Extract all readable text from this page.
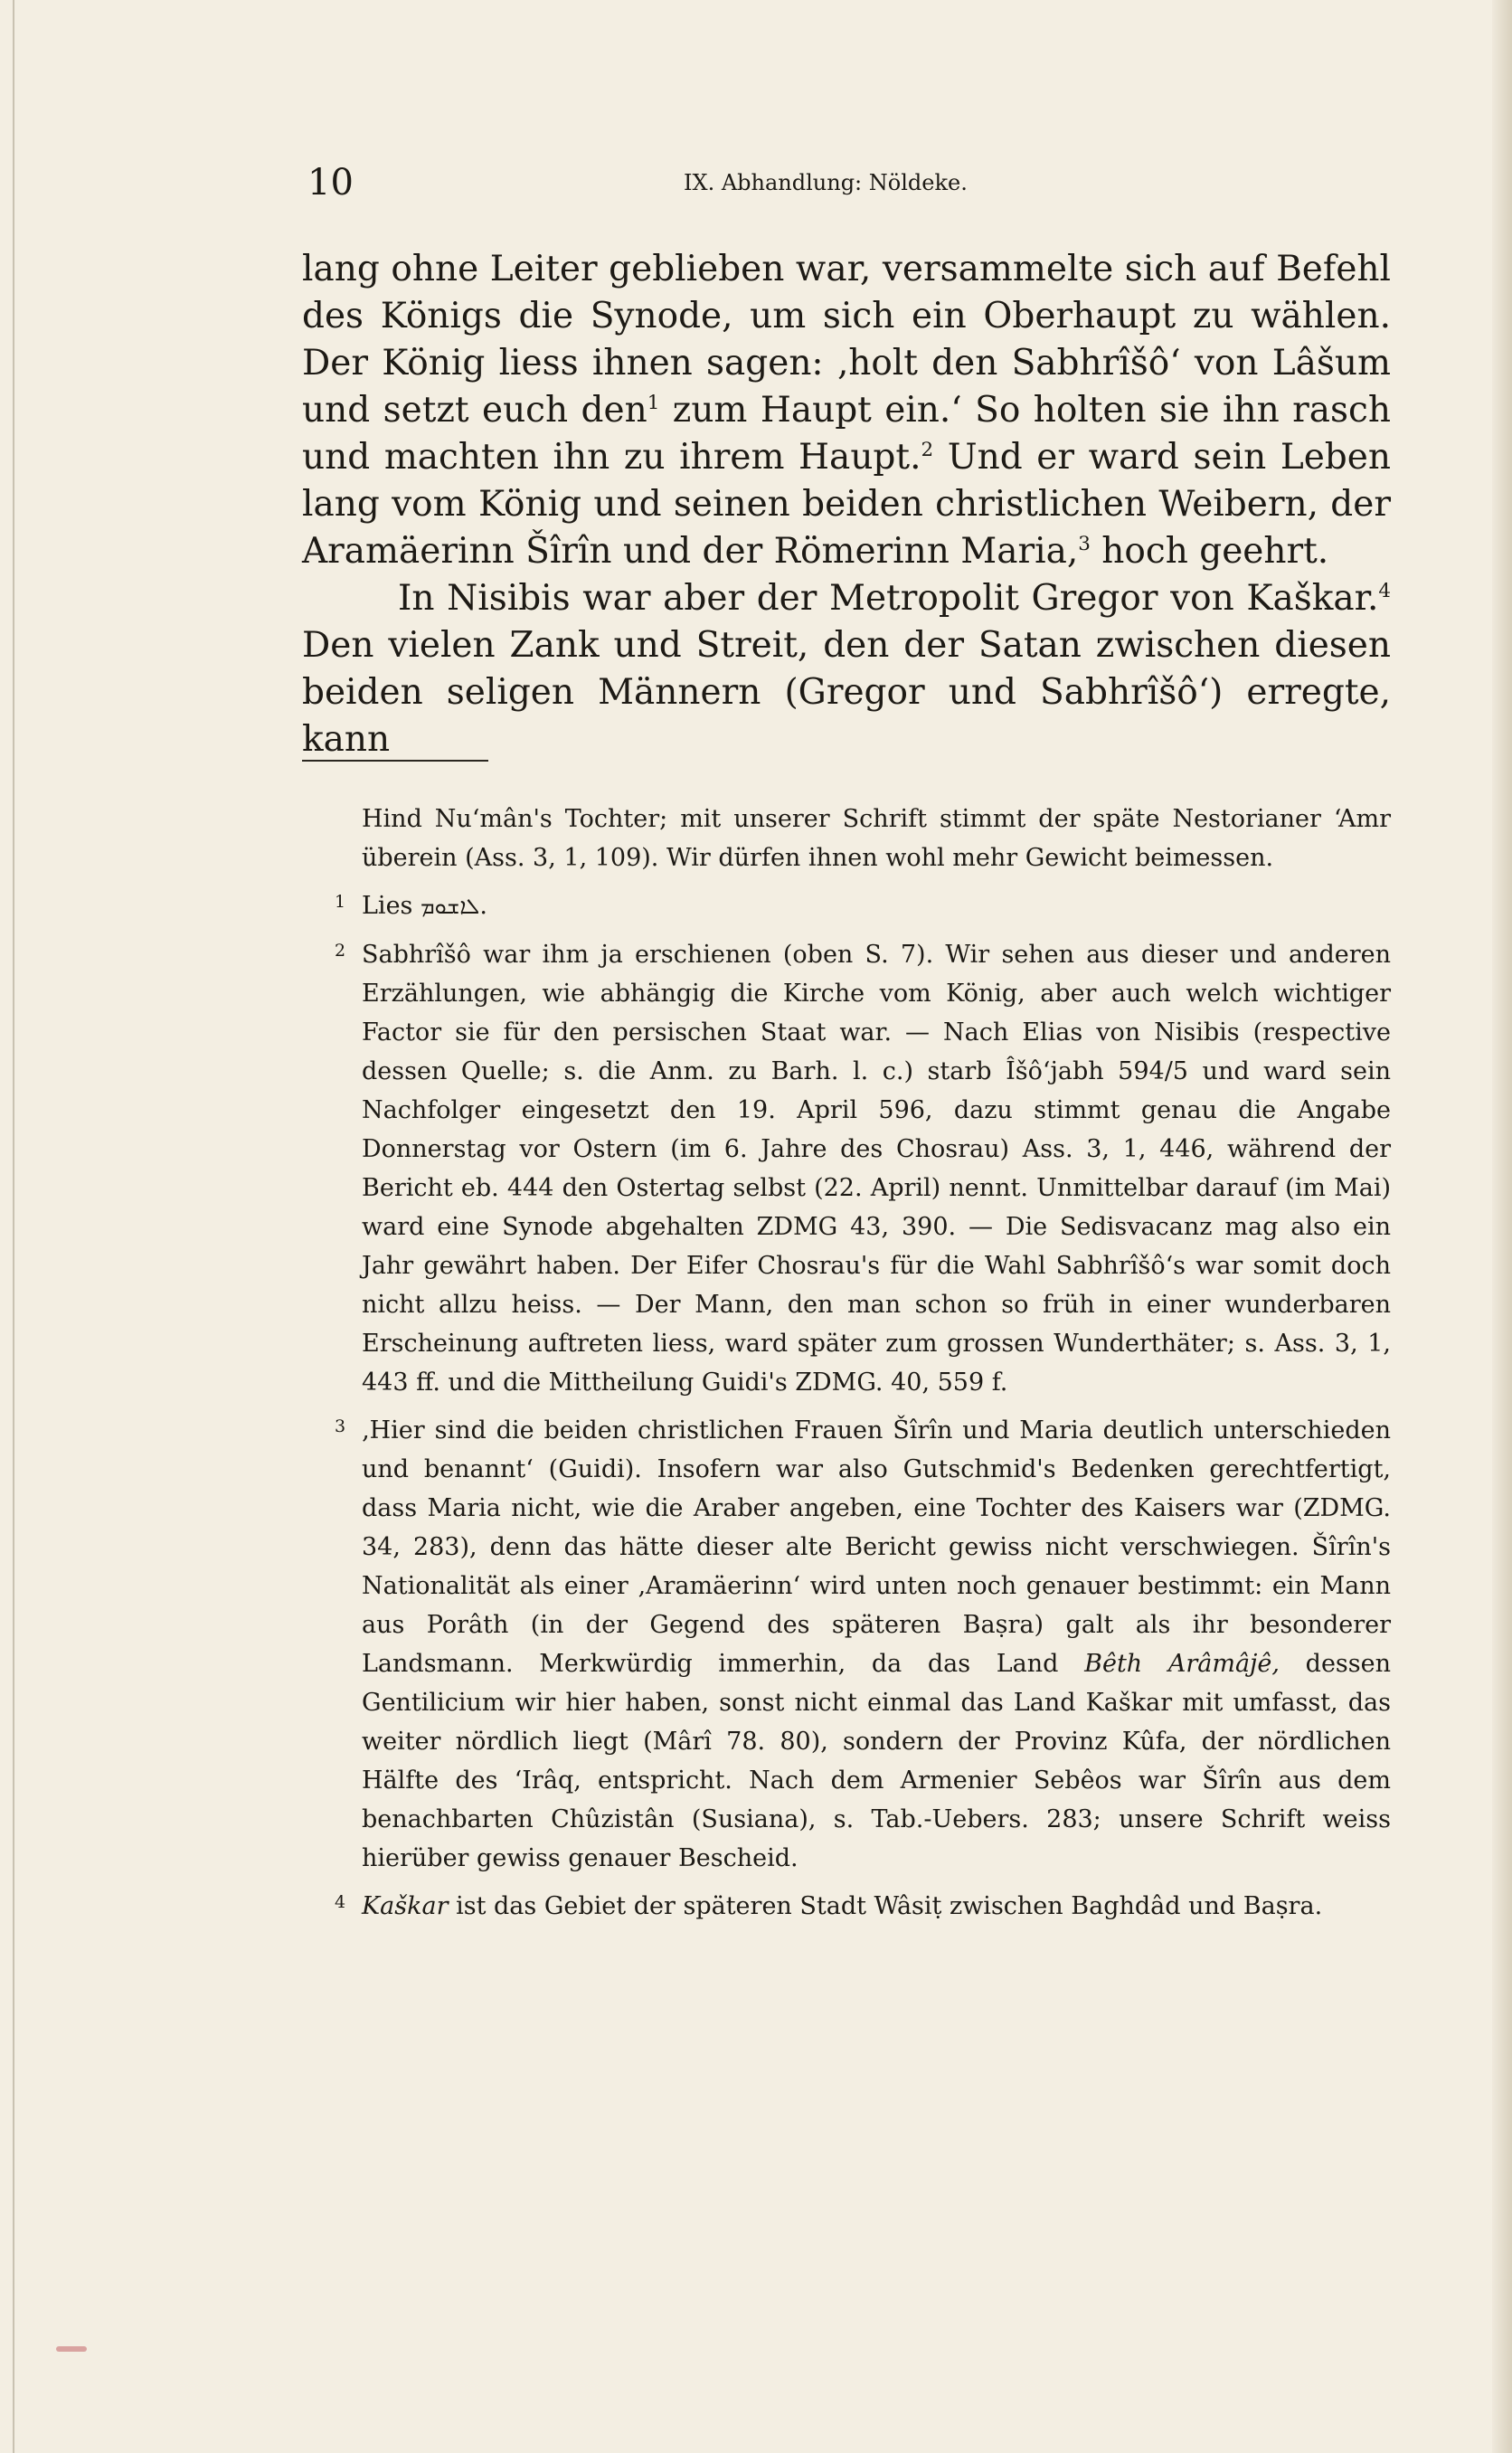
10	IX. Abhandlung: Nöldeke.

lang ohne Leiter geblieben war, versammelte sich auf Befehl des Königs die Synode, um sich ein Oberhaupt zu wählen. Der König liess ihnen sagen: ‚holt den Sabhrîšô‘ von Lâšum und setzt euch den$^1$ zum Haupt ein.‘ So holten sie ihn rasch und machten ihn zu ihrem Haupt.$^2$ Und er ward sein Leben lang vom König und seinen beiden christlichen Weibern, der Aramäerinn Šîrîn und der Römerinn Maria,$^3$ hoch geehrt.

In Nisibis war aber der Metropolit Gregor von Kaškar.$^4$ Den vielen Zank und Streit, den der Satan zwischen diesen beiden seligen Männern (Gregor und Sabhrîšô‘) erregte, kann

Hind Nu‘mân's Tochter; mit unserer Schrift stimmt der späte Nestorianer ‘Amr überein (Ass. 3, 1, 109). Wir dürfen ihnen wohl mehr Gewicht beimessen.
1 Lies ܠܐܫܘܡ.
2 Sabhrîšô war ihm ja erschienen (oben S. 7). Wir sehen aus dieser und anderen Erzählungen, wie abhängig die Kirche vom König, aber auch welch wichtiger Factor sie für den persischen Staat war. — Nach Elias von Nisibis (respective dessen Quelle; s. die Anm. zu Barh. l. c.) starb Îšô‘jabh 594/5 und ward sein Nachfolger eingesetzt den 19. April 596, dazu stimmt genau die Angabe Donnerstag vor Ostern (im 6. Jahre des Chosrau) Ass. 3, 1, 446, während der Bericht eb. 444 den Ostertag selbst (22. April) nennt. Unmittelbar darauf (im Mai) ward eine Synode abgehalten ZDMG 43, 390. — Die Sedisvacanz mag also ein Jahr gewährt haben. Der Eifer Chosrau's für die Wahl Sabhrîšô‘s war somit doch nicht allzu heiss. — Der Mann, den man schon so früh in einer wunderbaren Erscheinung auftreten liess, ward später zum grossen Wunderthäter; s. Ass. 3, 1, 443 ff. und die Mittheilung Guidi's ZDMG. 40, 559 f.
3 ‚Hier sind die beiden christlichen Frauen Šîrîn und Maria deutlich unterschieden und benannt‘ (Guidi). Insofern war also Gutschmid's Bedenken gerechtfertigt, dass Maria nicht, wie die Araber angeben, eine Tochter des Kaisers war (ZDMG. 34, 283), denn das hätte dieser alte Bericht gewiss nicht verschwiegen. Šîrîn's Nationalität als einer ‚Aramäerinn‘ wird unten noch genauer bestimmt: ein Mann aus Porâth (in der Gegend des späteren Baṣra) galt als ihr besonderer Landsmann. Merkwürdig immerhin, da das Land Bêth Arâmâjê, dessen Gentilicium wir hier haben, sonst nicht einmal das Land Kaškar mit umfasst, das weiter nördlich liegt (Mârî 78. 80), sondern der Provinz Kûfa, der nördlichen Hälfte des ‘Irâq, entspricht. Nach dem Armenier Sebêos war Šîrîn aus dem benachbarten Chûzistân (Susiana), s. Tab.-Uebers. 283; unsere Schrift weiss hierüber gewiss genauer Bescheid.
4 Kaškar ist das Gebiet der späteren Stadt Wâsiṭ zwischen Baghdâd und Baṣra.
